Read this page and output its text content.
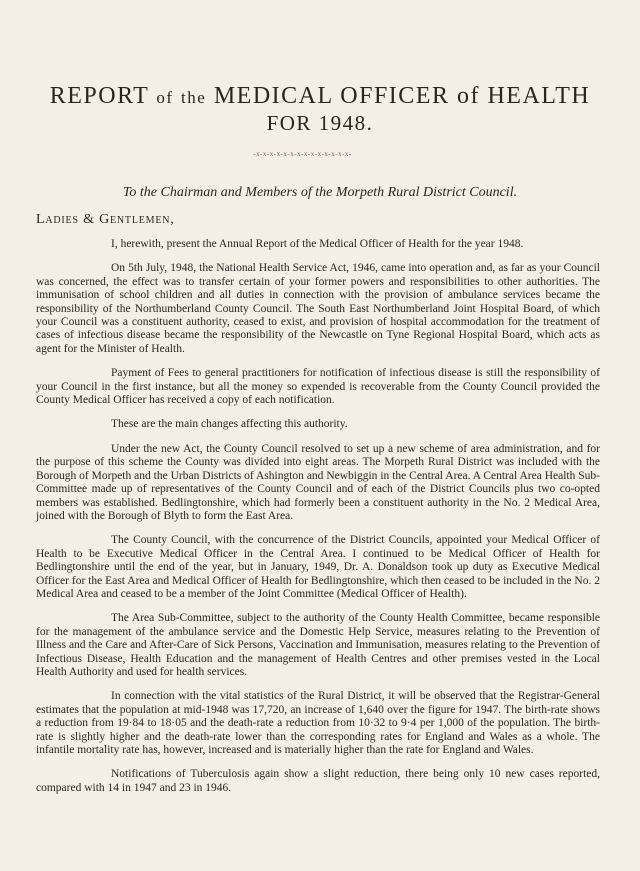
REPORT of the MEDICAL OFFICER of HEALTH
FOR 1948.
-x-x-x-x-x-x-x-x-x-x-x-x-x-x-
To the Chairman and Members of the Morpeth Rural District Council.
Ladies & Gentlemen,

I, herewith, present the Annual Report of the Medical Officer of Health for the year 1948.

On 5th July, 1948, the National Health Service Act, 1946, came into operation and, as far as your Council was concerned, the effect was to transfer certain of your former powers and responsibilities to other authorities. The immunisation of school children and all duties in connection with the provision of ambulance services became the responsibility of the Northumberland County Council. The South East Northumberland Joint Hospital Board, of which your Council was a constituent authority, ceased to exist, and provision of hospital accommodation for the treatment of cases of infectious disease became the responsibility of the Newcastle on Tyne Regional Hospital Board, which acts as agent for the Minister of Health.

Payment of Fees to general practitioners for notification of infectious disease is still the responsibility of your Council in the first instance, but all the money so expended is recoverable from the County Council provided the County Medical Officer has received a copy of each notification.

These are the main changes affecting this authority.

Under the new Act, the County Council resolved to set up a new scheme of area administration, and for the purpose of this scheme the County was divided into eight areas. The Morpeth Rural District was included with the Borough of Morpeth and the Urban Districts of Ashington and Newbiggin in the Central Area. A Central Area Health Sub-Committee made up of representatives of the County Council and of each of the District Councils plus two co-opted members was established. Bedlingtonshire, which had formerly been a constituent authority in the No. 2 Medical Area, joined with the Borough of Blyth to form the East Area.

The County Council, with the concurrence of the District Councils, appointed your Medical Officer of Health to be Executive Medical Officer in the Central Area. I continued to be Medical Officer of Health for Bedlingtonshire until the end of the year, but in January, 1949, Dr. A. Donaldson took up duty as Executive Medical Officer for the East Area and Medical Officer of Health for Bedlingtonshire, which then ceased to be included in the No. 2 Medical Area and ceased to be a member of the Joint Committee (Medical Officer of Health).

The Area Sub-Committee, subject to the authority of the County Health Committee, became responsible for the management of the ambulance service and the Domestic Help Service, measures relating to the Prevention of Illness and the Care and After-Care of Sick Persons, Vaccination and Immunisation, measures relating to the Prevention of Infectious Disease, Health Education and the management of Health Centres and other premises vested in the Local Health Authority and used for health services.

In connection with the vital statistics of the Rural District, it will be observed that the Registrar-General estimates that the population at mid-1948 was 17,720, an increase of 1,640 over the figure for 1947. The birth-rate shows a reduction from 19·84 to 18·05 and the death-rate a reduction from 10·32 to 9·4 per 1,000 of the population. The birth-rate is slightly higher and the death-rate lower than the corresponding rates for England and Wales as a whole. The infantile mortality rate has, however, increased and is materially higher than the rate for England and Wales.

Notifications of Tuberculosis again show a slight reduction, there being only 10 new cases reported, compared with 14 in 1947 and 23 in 1946.
